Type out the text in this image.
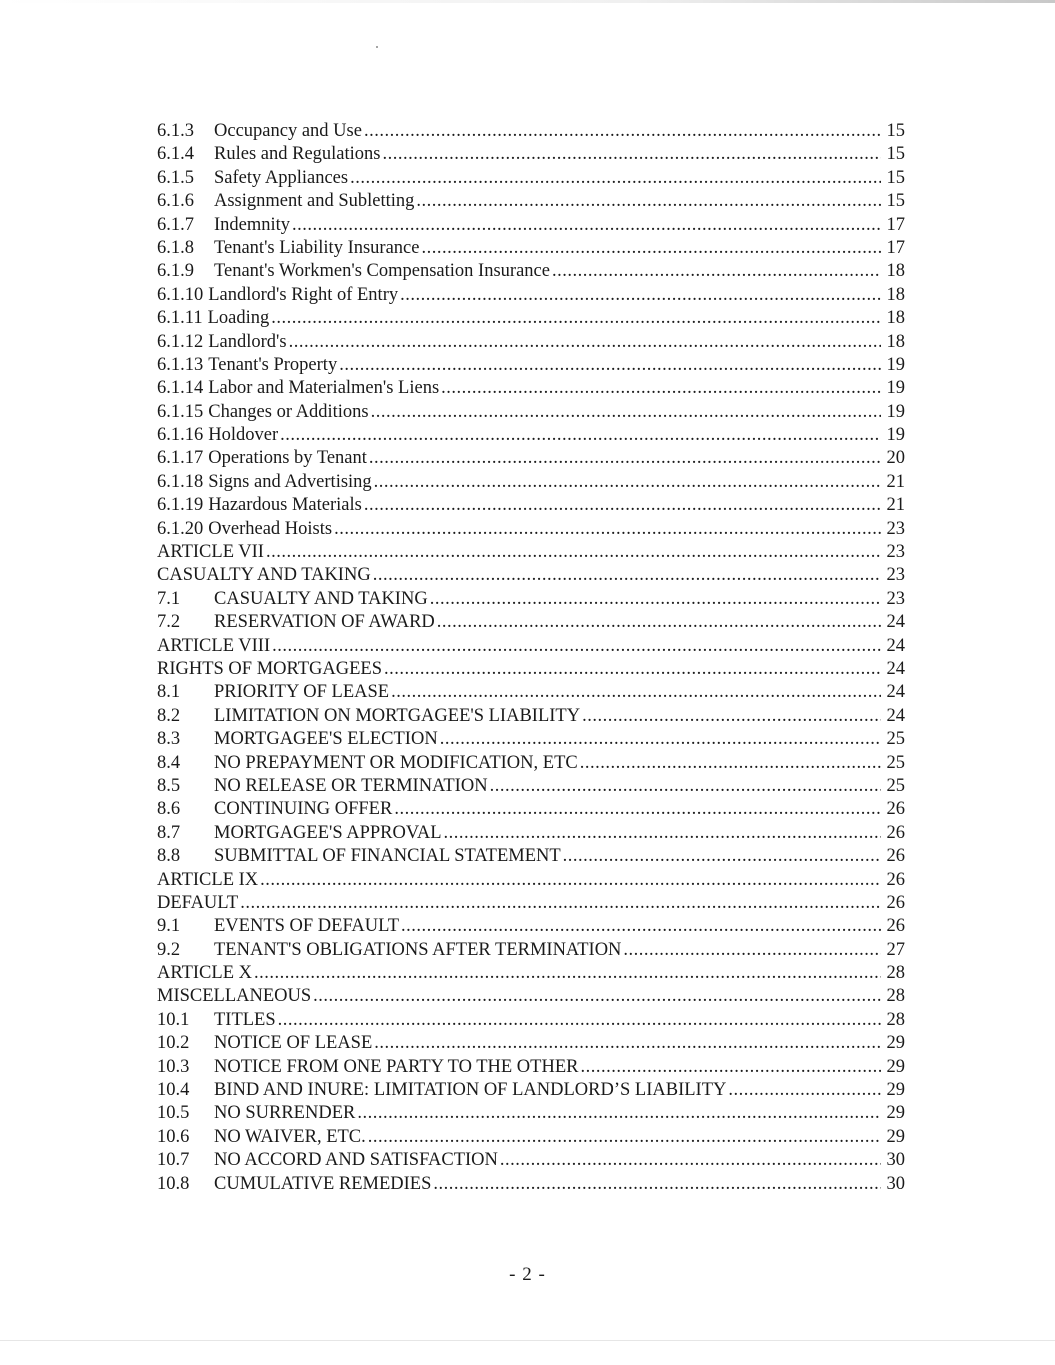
6.1.3	Occupancy and Use .....	15
6.1.4	Rules and Regulations .....	15
6.1.5	Safety Appliances .....	15
6.1.6	Assignment and Subletting .....	15
6.1.7	Indemnity .....	17
6.1.8	Tenant's Liability Insurance .....	17
6.1.9	Tenant's Workmen's Compensation Insurance .....	18
6.1.10 Landlord's Right of Entry .....	18
6.1.11 Loading .....	18
6.1.12 Landlord's .....	18
6.1.13 Tenant's Property .....	19
6.1.14 Labor and Materialmen's Liens .....	19
6.1.15 Changes or Additions .....	19
6.1.16 Holdover .....	19
6.1.17 Operations by Tenant .....	20
6.1.18 Signs and Advertising .....	21
6.1.19 Hazardous Materials .....	21
6.1.20 Overhead Hoists .....	23
ARTICLE VII .....	23
CASUALTY AND TAKING .....	23
7.1	CASUALTY AND TAKING .....	23
7.2	RESERVATION OF AWARD .....	24
ARTICLE VIII .....	24
RIGHTS OF MORTGAGEES .....	24
8.1	PRIORITY OF LEASE .....	24
8.2	LIMITATION ON MORTGAGEE'S LIABILITY .....	24
8.3	MORTGAGEE'S ELECTION .....	25
8.4	NO PREPAYMENT OR MODIFICATION, ETC .....	25
8.5	NO RELEASE OR TERMINATION .....	25
8.6	CONTINUING OFFER .....	26
8.7	MORTGAGEE'S APPROVAL .....	26
8.8	SUBMITTAL OF FINANCIAL STATEMENT .....	26
ARTICLE IX .....	26
DEFAULT .....	26
9.1	EVENTS OF DEFAULT .....	26
9.2	TENANT'S OBLIGATIONS AFTER TERMINATION .....	27
ARTICLE X .....	28
MISCELLANEOUS .....	28
10.1	TITLES .....	28
10.2	NOTICE OF LEASE .....	29
10.3	NOTICE FROM ONE PARTY TO THE OTHER .....	29
10.4	BIND AND INURE: LIMITATION OF LANDLORD’S LIABILITY .....	29
10.5	NO SURRENDER .....	29
10.6	NO WAIVER, ETC. .....	29
10.7	NO ACCORD AND SATISFACTION .....	30
10.8	CUMULATIVE REMEDIES .....	30
- 2 -
